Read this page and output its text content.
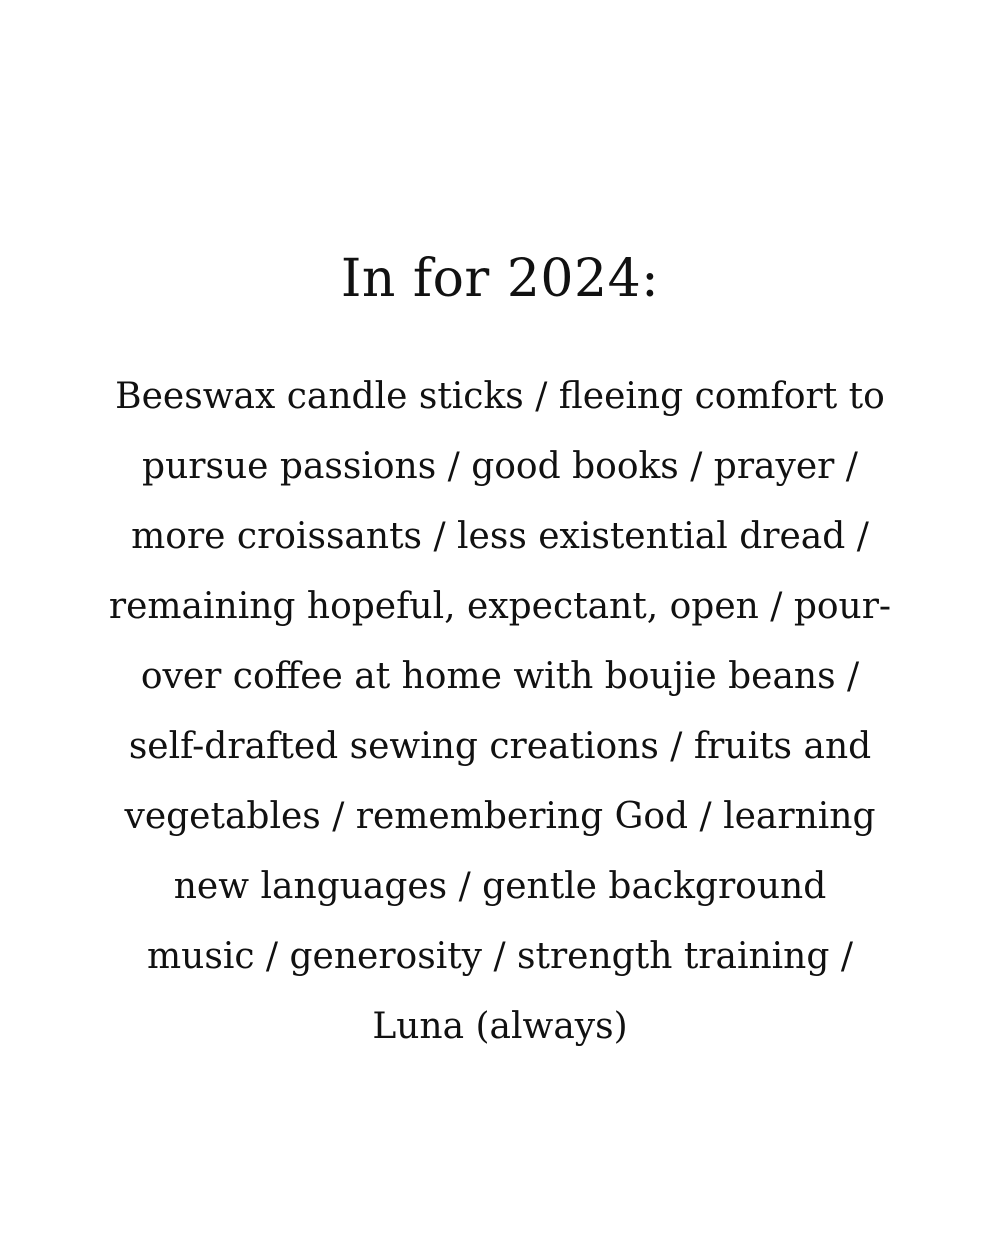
In for 2024:
Beeswax candle sticks / fleeing comfort to
pursue passions / good books / prayer /
more croissants / less existential dread /
remaining hopeful, expectant, open / pour-
over coffee at home with boujie beans /
self-drafted sewing creations / fruits and
vegetables / remembering God / learning
new languages / gentle background
music / generosity / strength training /
Luna (always)
